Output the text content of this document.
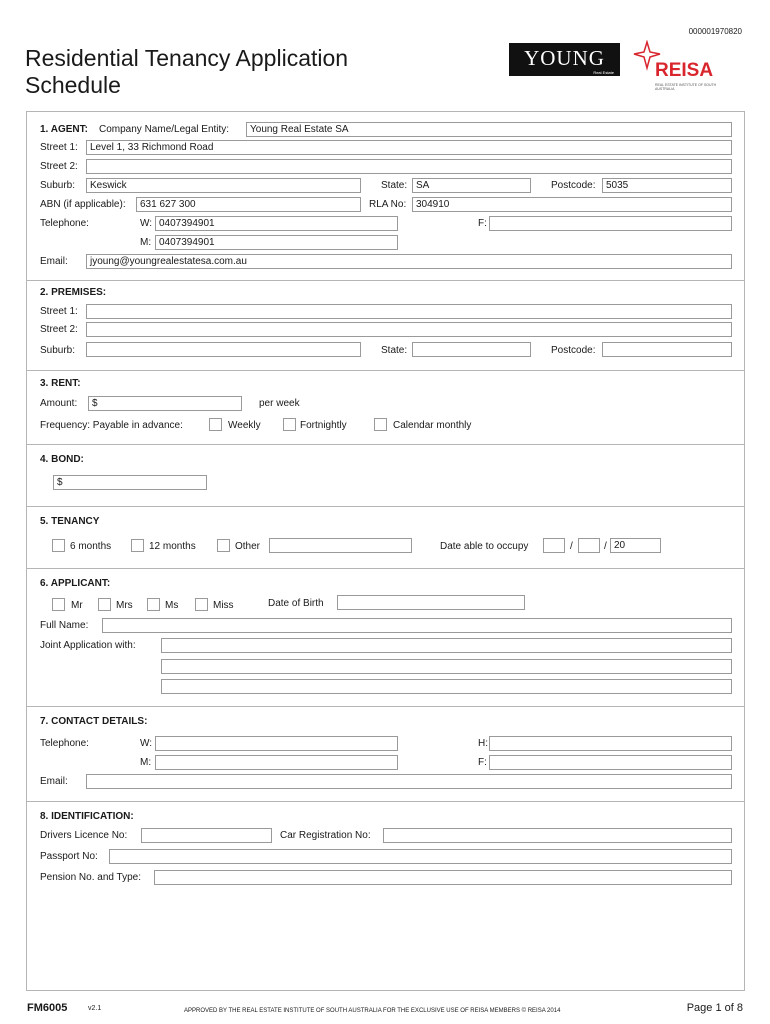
000001970820
Residential Tenancy Application Schedule
YOUNG
Real Estate REISA
REAL ESTATE INSTITUTE OF SOUTH AUSTRALIA
1. AGENT: Company Name/Legal Entity:	Young Real Estate SA
Street 1:	Level 1, 33 Richmond Road
Street 2:
Suburb:	Keswick	State: SA	Postcode:	5035
ABN (if applicable):	631 627 300	RLA No: 304910
Telephone:	W: 0407394901	F:
M: 0407394901
Email:	jyoung@youngrealestatesa.com.au
2. PREMISES:
Street 1:
Street 2:
Suburb:	State:	Postcode:
3. RENT:
Amount:	$	per week
Frequency: Payable in advance:	Weekly	Fortnightly	Calendar monthly
4. BOND:
$
5. TENANCY
6 months	12 months	Other	Date able to occupy	/	/ 20
6. APPLICANT:
Mr	Mrs	Ms	Miss	Date of Birth
Full Name:
Joint Application with:
7. CONTACT DETAILS:
Telephone:	W:	H:
M:	F:
Email:
8. IDENTIFICATION:
Drivers Licence No:	Car Registration No:
Passport No:
Pension No. and Type:
FM6005	v2.1	APPROVED BY THE REAL ESTATE INSTITUTE OF SOUTH AUSTRALIA FOR THE EXCLUSIVE USE OF REISA MEMBERS © REISA 2014	Page 1 of 8
